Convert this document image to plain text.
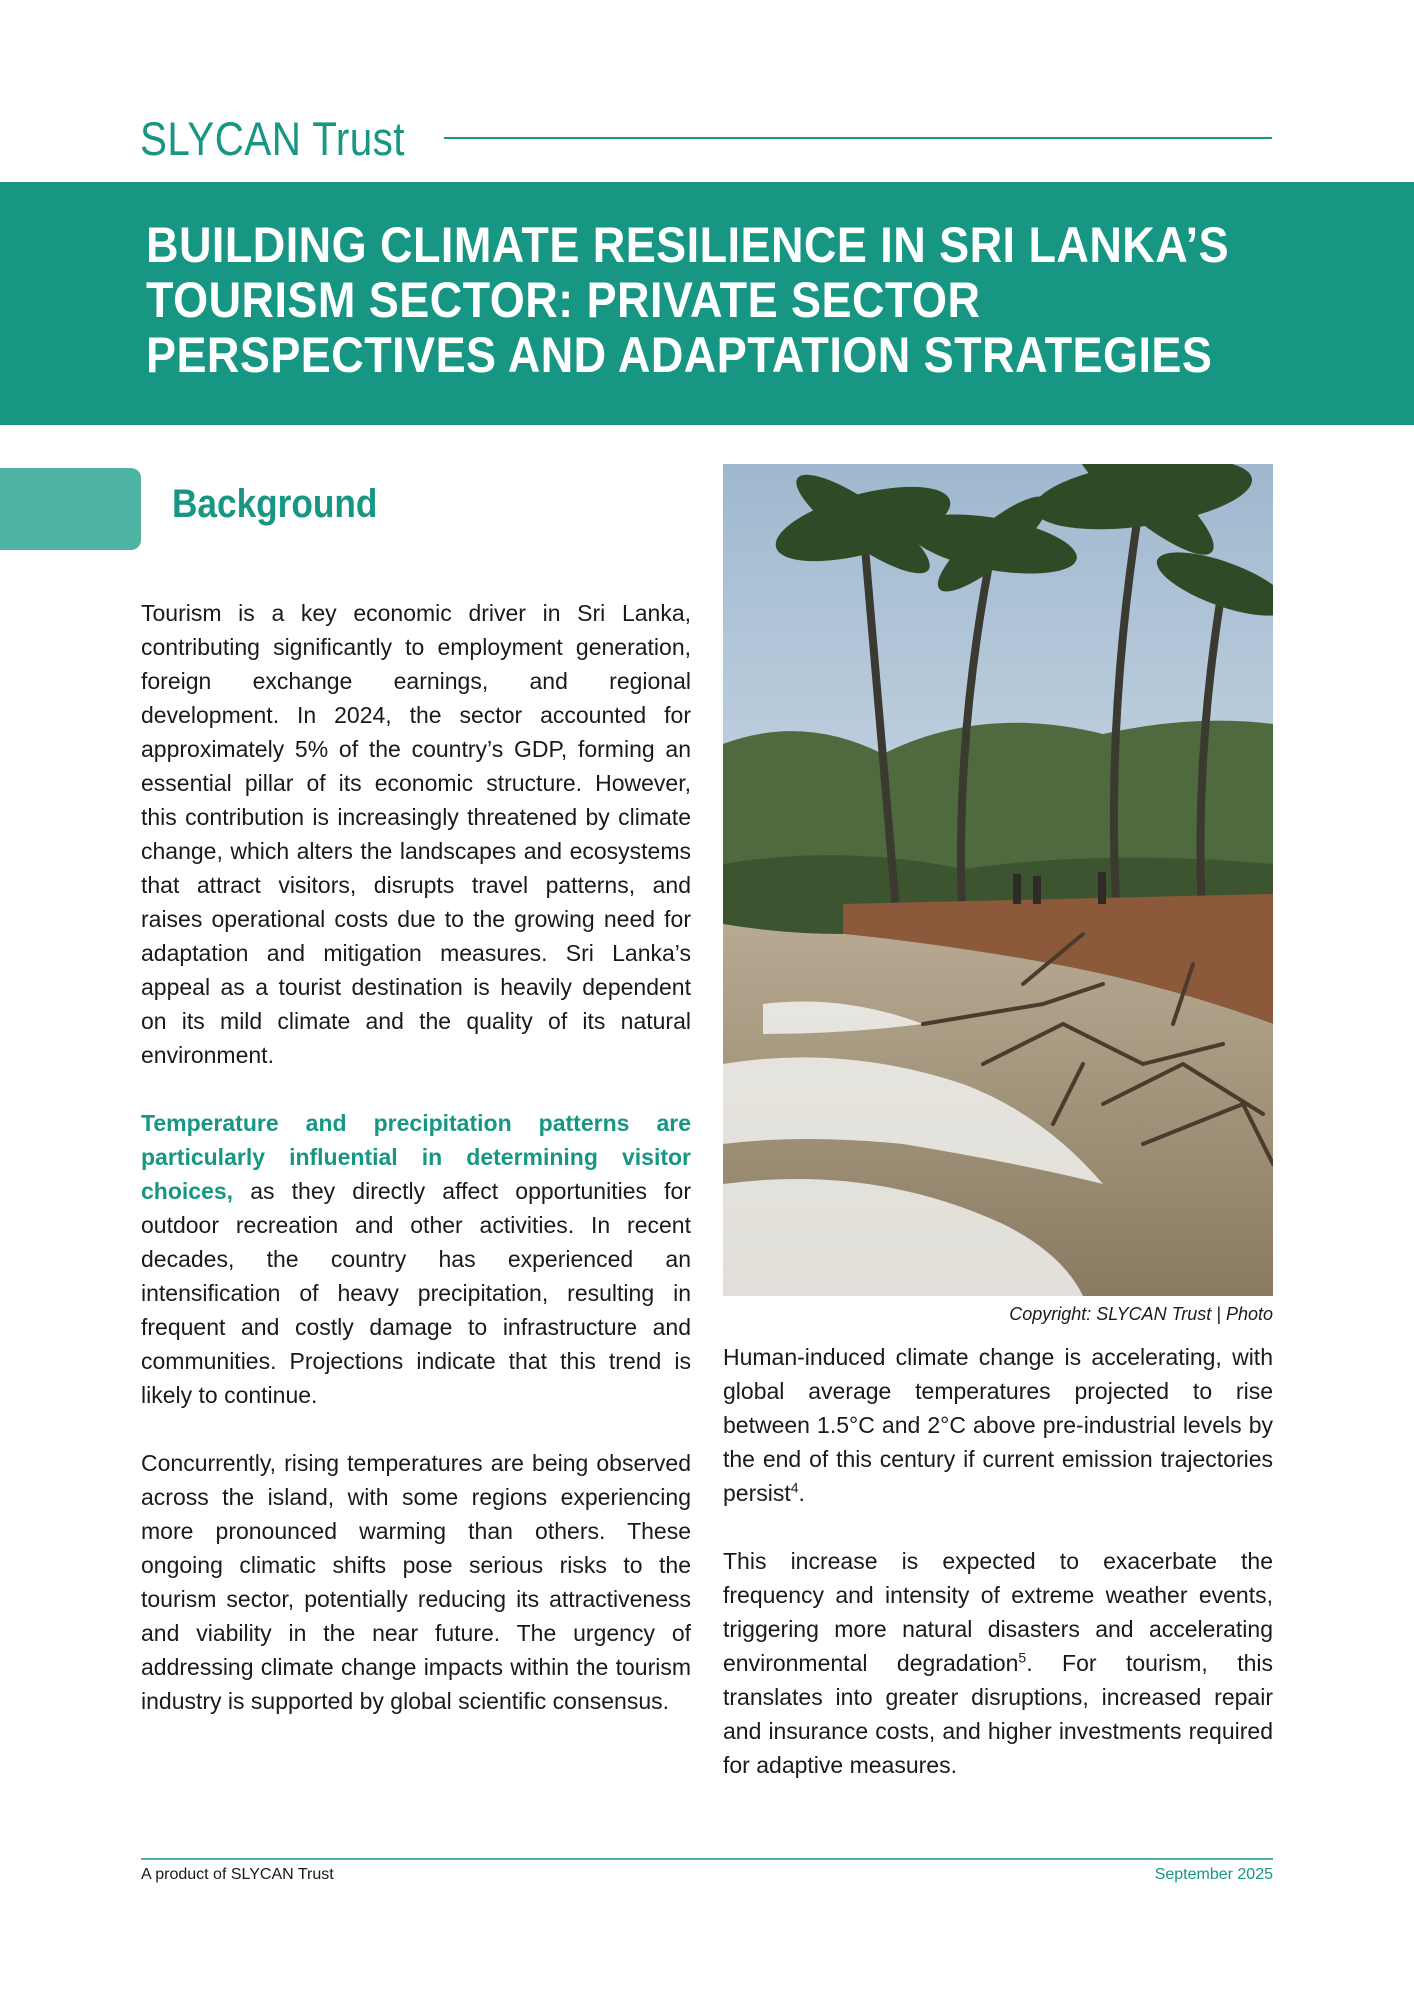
SLYCAN Trust
BUILDING CLIMATE RESILIENCE IN SRI LANKA’S
TOURISM SECTOR: PRIVATE SECTOR
PERSPECTIVES AND ADAPTATION STRATEGIES
Background

Tourism is a key economic driver in Sri Lanka, contributing significantly to employment generation, foreign exchange earnings, and regional development. In 2024, the sector accounted for approximately 5% of the country’s GDP, forming an essential pillar of its economic structure. However, this contribution is increasingly threatened by climate change, which alters the landscapes and ecosystems that attract visitors, disrupts travel patterns, and raises operational costs due to the growing need for adaptation and mitigation measures. Sri Lanka’s appeal as a tourist destination is heavily dependent on its mild climate and the quality of its natural environment.

Temperature and precipitation patterns are particularly influential in determining visitor choices, as they directly affect opportunities for outdoor recreation and other activities. In recent decades, the country has experienced an intensification of heavy precipitation, resulting in frequent and costly damage to infrastructure and communities. Projections indicate that this trend is likely to continue.

Concurrently, rising temperatures are being observed across the island, with some regions experiencing more pronounced warming than others. These ongoing climatic shifts pose serious risks to the tourism sector, potentially reducing its attractiveness and viability in the near future. The urgency of addressing climate change impacts within the tourism industry is supported by global scientific consensus.

Copyright: SLYCAN Trust | Photo

Human-induced climate change is accelerating, with global average temperatures projected to rise between 1.5°C and 2°C above pre-industrial levels by the end of this century if current emission trajectories persist$^4$.

This increase is expected to exacerbate the frequency and intensity of extreme weather events, triggering more natural disasters and accelerating environmental degradation$^5$. For tourism, this translates into greater disruptions, increased repair and insurance costs, and higher investments required for adaptive measures.

A product of SLYCAN Trust	September 2025
